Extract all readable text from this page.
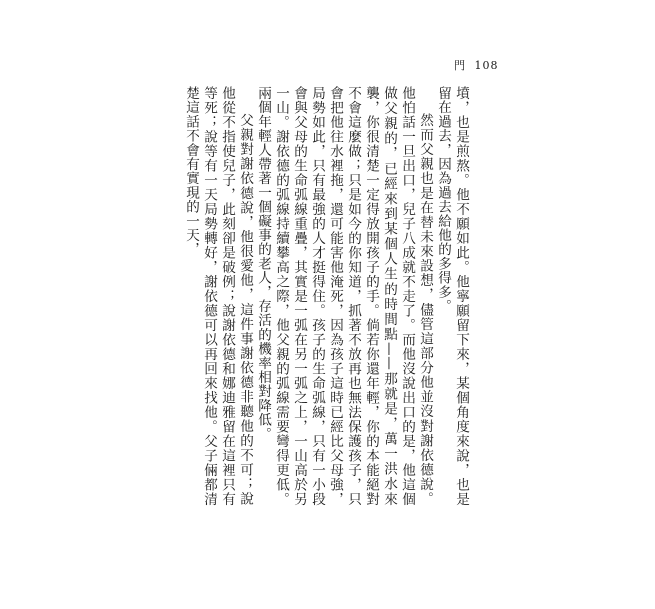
門 108

墳，也是煎熬。他不願如此。他寧願留下來，某個角度來說，也是留在過去，因為過去給他的多得多。

然而父親也是在替未來設想，儘管這部分他並沒對謝依德說。他怕話一旦出口，兒子八成就不走了。而他沒說出口的是，他這個做父親的，已經來到某個人生的時間點——那就是，萬一洪水來襲，你很清楚一定得放開孩子的手。倘若你還年輕，你的本能絕對不會這麼做；只是如今的你知道，抓著不放再也無法保護孩子，只會把他往水裡拖，還可能害他淹死，因為孩子這時已經比父母強，局勢如此，只有最強的人才挺得住。孩子的生命弧線，只有一小段會與父母的生命弧線重疊，其實是一弧在另一弧之上，一山高於另一山。謝依德的弧線持續攀高之際，他父親的弧線需要彎得更低。兩個年輕人帶著一個礙事的老人，存活的機率相對降低。

父親對謝依德說，他很愛他，這件事謝依德非聽他的不可；說他從不指使兒子，此刻卻是破例；說謝依德和娜迪雅留在這裡只有等死；說等有一天局勢轉好，謝依德可以再回來找他。父子倆都清楚這話不會有實現的一天，
